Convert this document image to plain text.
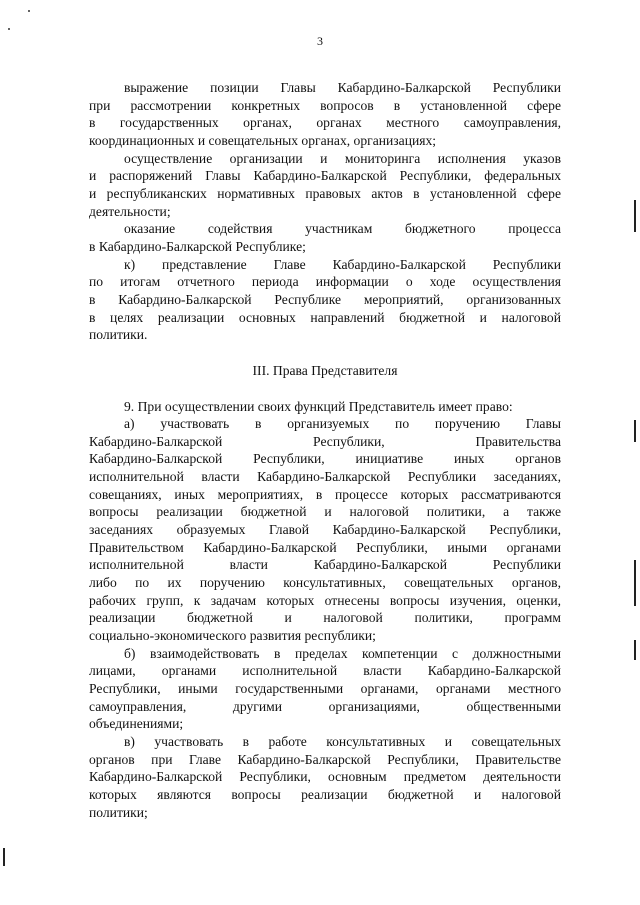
3
выражение позиции Главы Кабардино-Балкарской Республики
при рассмотрении конкретных вопросов в установленной сфере
в государственных органах, органах местного самоуправления,
координационных и совещательных органах, организациях;
осуществление организации и мониторинга исполнения указов
и распоряжений Главы Кабардино-Балкарской Республики, федеральных
и республиканских нормативных правовых актов в установленной сфере
деятельности;
оказание содействия участникам бюджетного процесса
в Кабардино-Балкарской Республике;
к) представление Главе Кабардино-Балкарской Республики
по итогам отчетного периода информации о ходе осуществления
в Кабардино-Балкарской Республике мероприятий, организованных
в целях реализации основных направлений бюджетной и налоговой
политики.
III. Права Представителя
9. При осуществлении своих функций Представитель имеет право:
а) участвовать в организуемых по поручению Главы
Кабардино-Балкарской Республики, Правительства
Кабардино-Балкарской Республики, инициативе иных органов
исполнительной власти Кабардино-Балкарской Республики заседаниях,
совещаниях, иных мероприятиях, в процессе которых рассматриваются
вопросы реализации бюджетной и налоговой политики, а также
заседаниях образуемых Главой Кабардино-Балкарской Республики,
Правительством Кабардино-Балкарской Республики, иными органами
исполнительной власти Кабардино-Балкарской Республики
либо по их поручению консультативных, совещательных органов,
рабочих групп, к задачам которых отнесены вопросы изучения, оценки,
реализации бюджетной и налоговой политики, программ
социально-экономического развития республики;
б) взаимодействовать в пределах компетенции с должностными
лицами, органами исполнительной власти Кабардино-Балкарской
Республики, иными государственными органами, органами местного
самоуправления, другими организациями, общественными
объединениями;
в) участвовать в работе консультативных и совещательных
органов при Главе Кабардино-Балкарской Республики, Правительстве
Кабардино-Балкарской Республики, основным предметом деятельности
которых являются вопросы реализации бюджетной и налоговой
политики;
